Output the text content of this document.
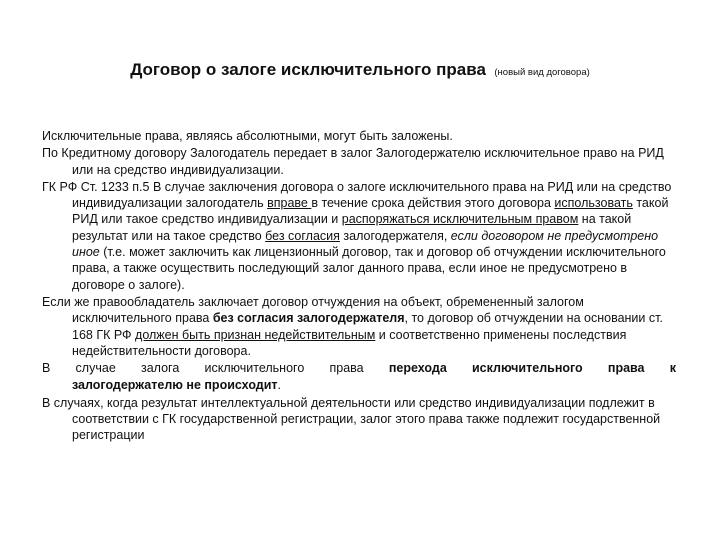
Договор о залоге исключительного права (новый вид договора)

Исключительные права, являясь абсолютными, могут быть заложены.

По Кредитному договору Залогодатель передает в залог Залогодержателю исключительное право на РИД или на средство индивидуализации.

ГК РФ Ст. 1233 п.5 В случае заключения договора о залоге исключительного права на РИД или на средство индивидуализации залогодатель вправе в течение срока действия этого договора использовать такой РИД или такое средство индивидуализации и распоряжаться исключительным правом на такой результат или на такое средство без согласия залогодержателя, если договором не предусмотрено иное (т.е. может заключить как лицензионный договор, так и договор об отчуждении исключительного права, а также осуществить последующий залог данного права, если иное не предусмотрено в договоре о залоге).

Если же правообладатель заключает договор отчуждения на объект, обремененный залогом исключительного права без согласия залогодержателя, то договор об отчуждении на основании ст. 168 ГК РФ должен быть признан недействительным и соответственно применены последствия недействительности договора.

В случае залога исключительного права перехода исключительного права к

залогодержателю не происходит.

В случаях, когда результат интеллектуальной деятельности или средство индивидуализации подлежит в соответствии с ГК государственной регистрации, залог этого права также подлежит государственной регистрации
